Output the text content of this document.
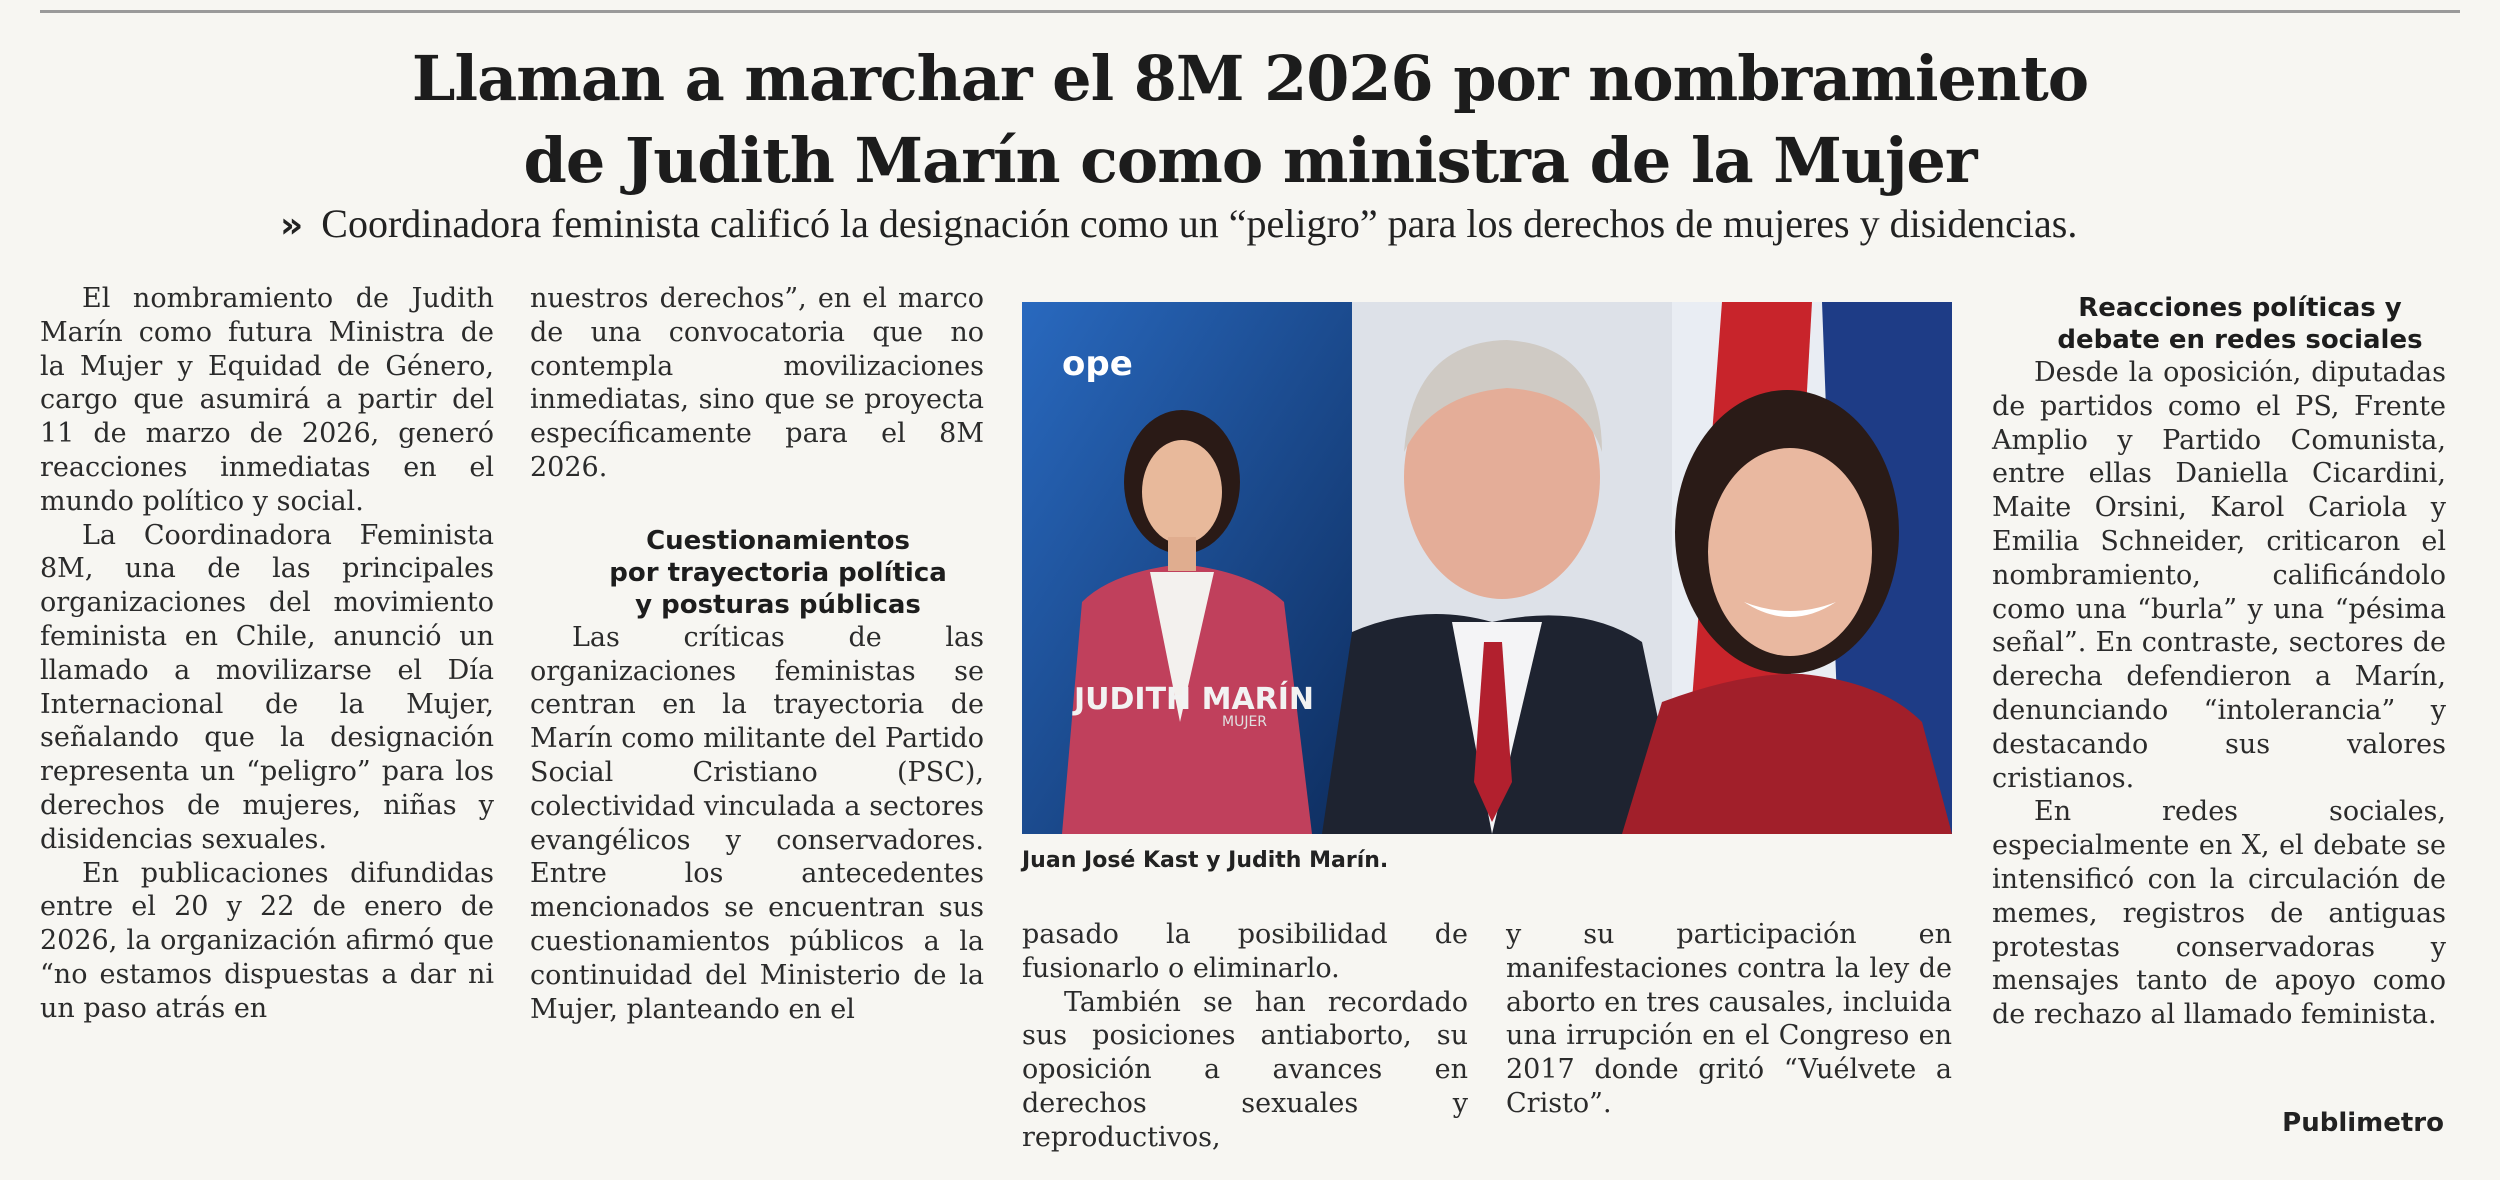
Llaman a marchar el 8M 2026 por nombramiento
de Judith Marín como ministra de la Mujer
» Coordinadora feminista calificó la designación como un “peligro” para los derechos de mujeres y disidencias.

El nombramiento de Judith Marín como futura Ministra de la Mujer y Equidad de Género, cargo que asumirá a partir del 11 de marzo de 2026, generó reacciones inmediatas en el mundo político y social.

La Coordinadora Feminista 8M, una de las principales organizaciones del movimiento feminista en Chile, anunció un llamado a movilizarse el Día Internacional de la Mujer, señalando que la designación representa un “peligro” para los derechos de mujeres, niñas y disidencias sexuales.

En publicaciones difundidas entre el 20 y 22 de enero de 2026, la organización afirmó que “no estamos dispuestas a dar ni un paso atrás en

nuestros derechos”, en el marco de una convocatoria que no contempla movilizaciones inmediatas, sino que se proyecta específicamente para el 8M 2026.

Cuestionamientos

por trayectoria política

y posturas públicas

Las críticas de las organizaciones feministas se centran en la trayectoria de Marín como militante del Partido Social Cristiano (PSC), colectividad vinculada a sectores evangélicos y conservadores. Entre los antecedentes mencionados se encuentran sus cuestionamientos públicos a la continuidad del Ministerio de la Mujer, planteando en el

ope
JUDITH MARÍN
MUJER
Juan José Kast y Judith Marín.

pasado la posibilidad de fusionarlo o eliminarlo.

También se han recordado sus posiciones antiaborto, su oposición a avances en derechos sexuales y reproductivos,

y su participación en manifestaciones contra la ley de aborto en tres causales, incluida una irrupción en el Congreso en 2017 donde gritó “Vuélvete a Cristo”.

Reacciones políticas y

debate en redes sociales

Desde la oposición, diputadas de partidos como el PS, Frente Amplio y Partido Comunista, entre ellas Daniella Cicardini, Maite Orsini, Karol Cariola y Emilia Schneider, criticaron el nombramiento, calificándolo como una “burla” y una “pésima señal”. En contraste, sectores de derecha defendieron a Marín, denunciando “intolerancia” y destacando sus valores cristianos.

En redes sociales, especialmente en X, el debate se intensificó con la circulación de memes, registros de antiguas protestas conservadoras y mensajes tanto de apoyo como de rechazo al llamado feminista.

Publimetro
